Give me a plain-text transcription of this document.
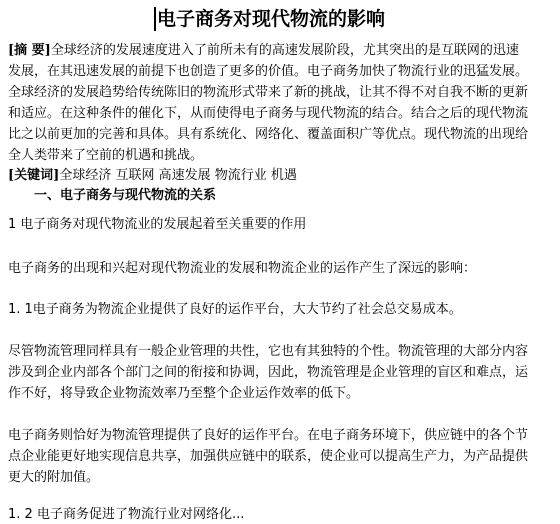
电子商务对现代物流的影响
[摘 要]全球经济的发展速度进入了前所未有的高速发展阶段，尤其突出的是互联网的迅速
发展，在其迅速发展的前提下也创造了更多的价值。电子商务加快了物流行业的迅猛发展。
全球经济的发展趋势给传统陈旧的物流形式带来了新的挑战，让其不得不对自我不断的更新
和适应。在这种条件的催化下，从而使得电子商务与现代物流的结合。结合之后的现代物流
比之以前更加的完善和具体。具有系统化、网络化、覆盖面积广等优点。现代物流的出现给
全人类带来了空前的机遇和挑战。
[关键词]全球经济 互联网 高速发展 物流行业 机遇
一、电子商务与现代物流的关系
1 电子商务对现代物流业的发展起着至关重要的作用
电子商务的出现和兴起对现代物流业的发展和物流企业的运作产生了深远的影响：
1. 1电子商务为物流企业提供了良好的运作平台，大大节约了社会总交易成本。
尽管物流管理同样具有一般企业管理的共性，它也有其独特的个性。物流管理的大部分内容
涉及到企业内部各个部门之间的衔接和协调，因此，物流管理是企业管理的盲区和难点，运
作不好，将导致企业物流效率乃至整个企业运作效率的低下。
电子商务则恰好为物流管理提供了良好的运作平台。在电子商务环境下，供应链中的各个节
点企业能更好地实现信息共享，加强供应链中的联系，使企业可以提高生产力，为产品提供
更大的附加值。
1. 2 电子商务促进了物流行业对网络化...
